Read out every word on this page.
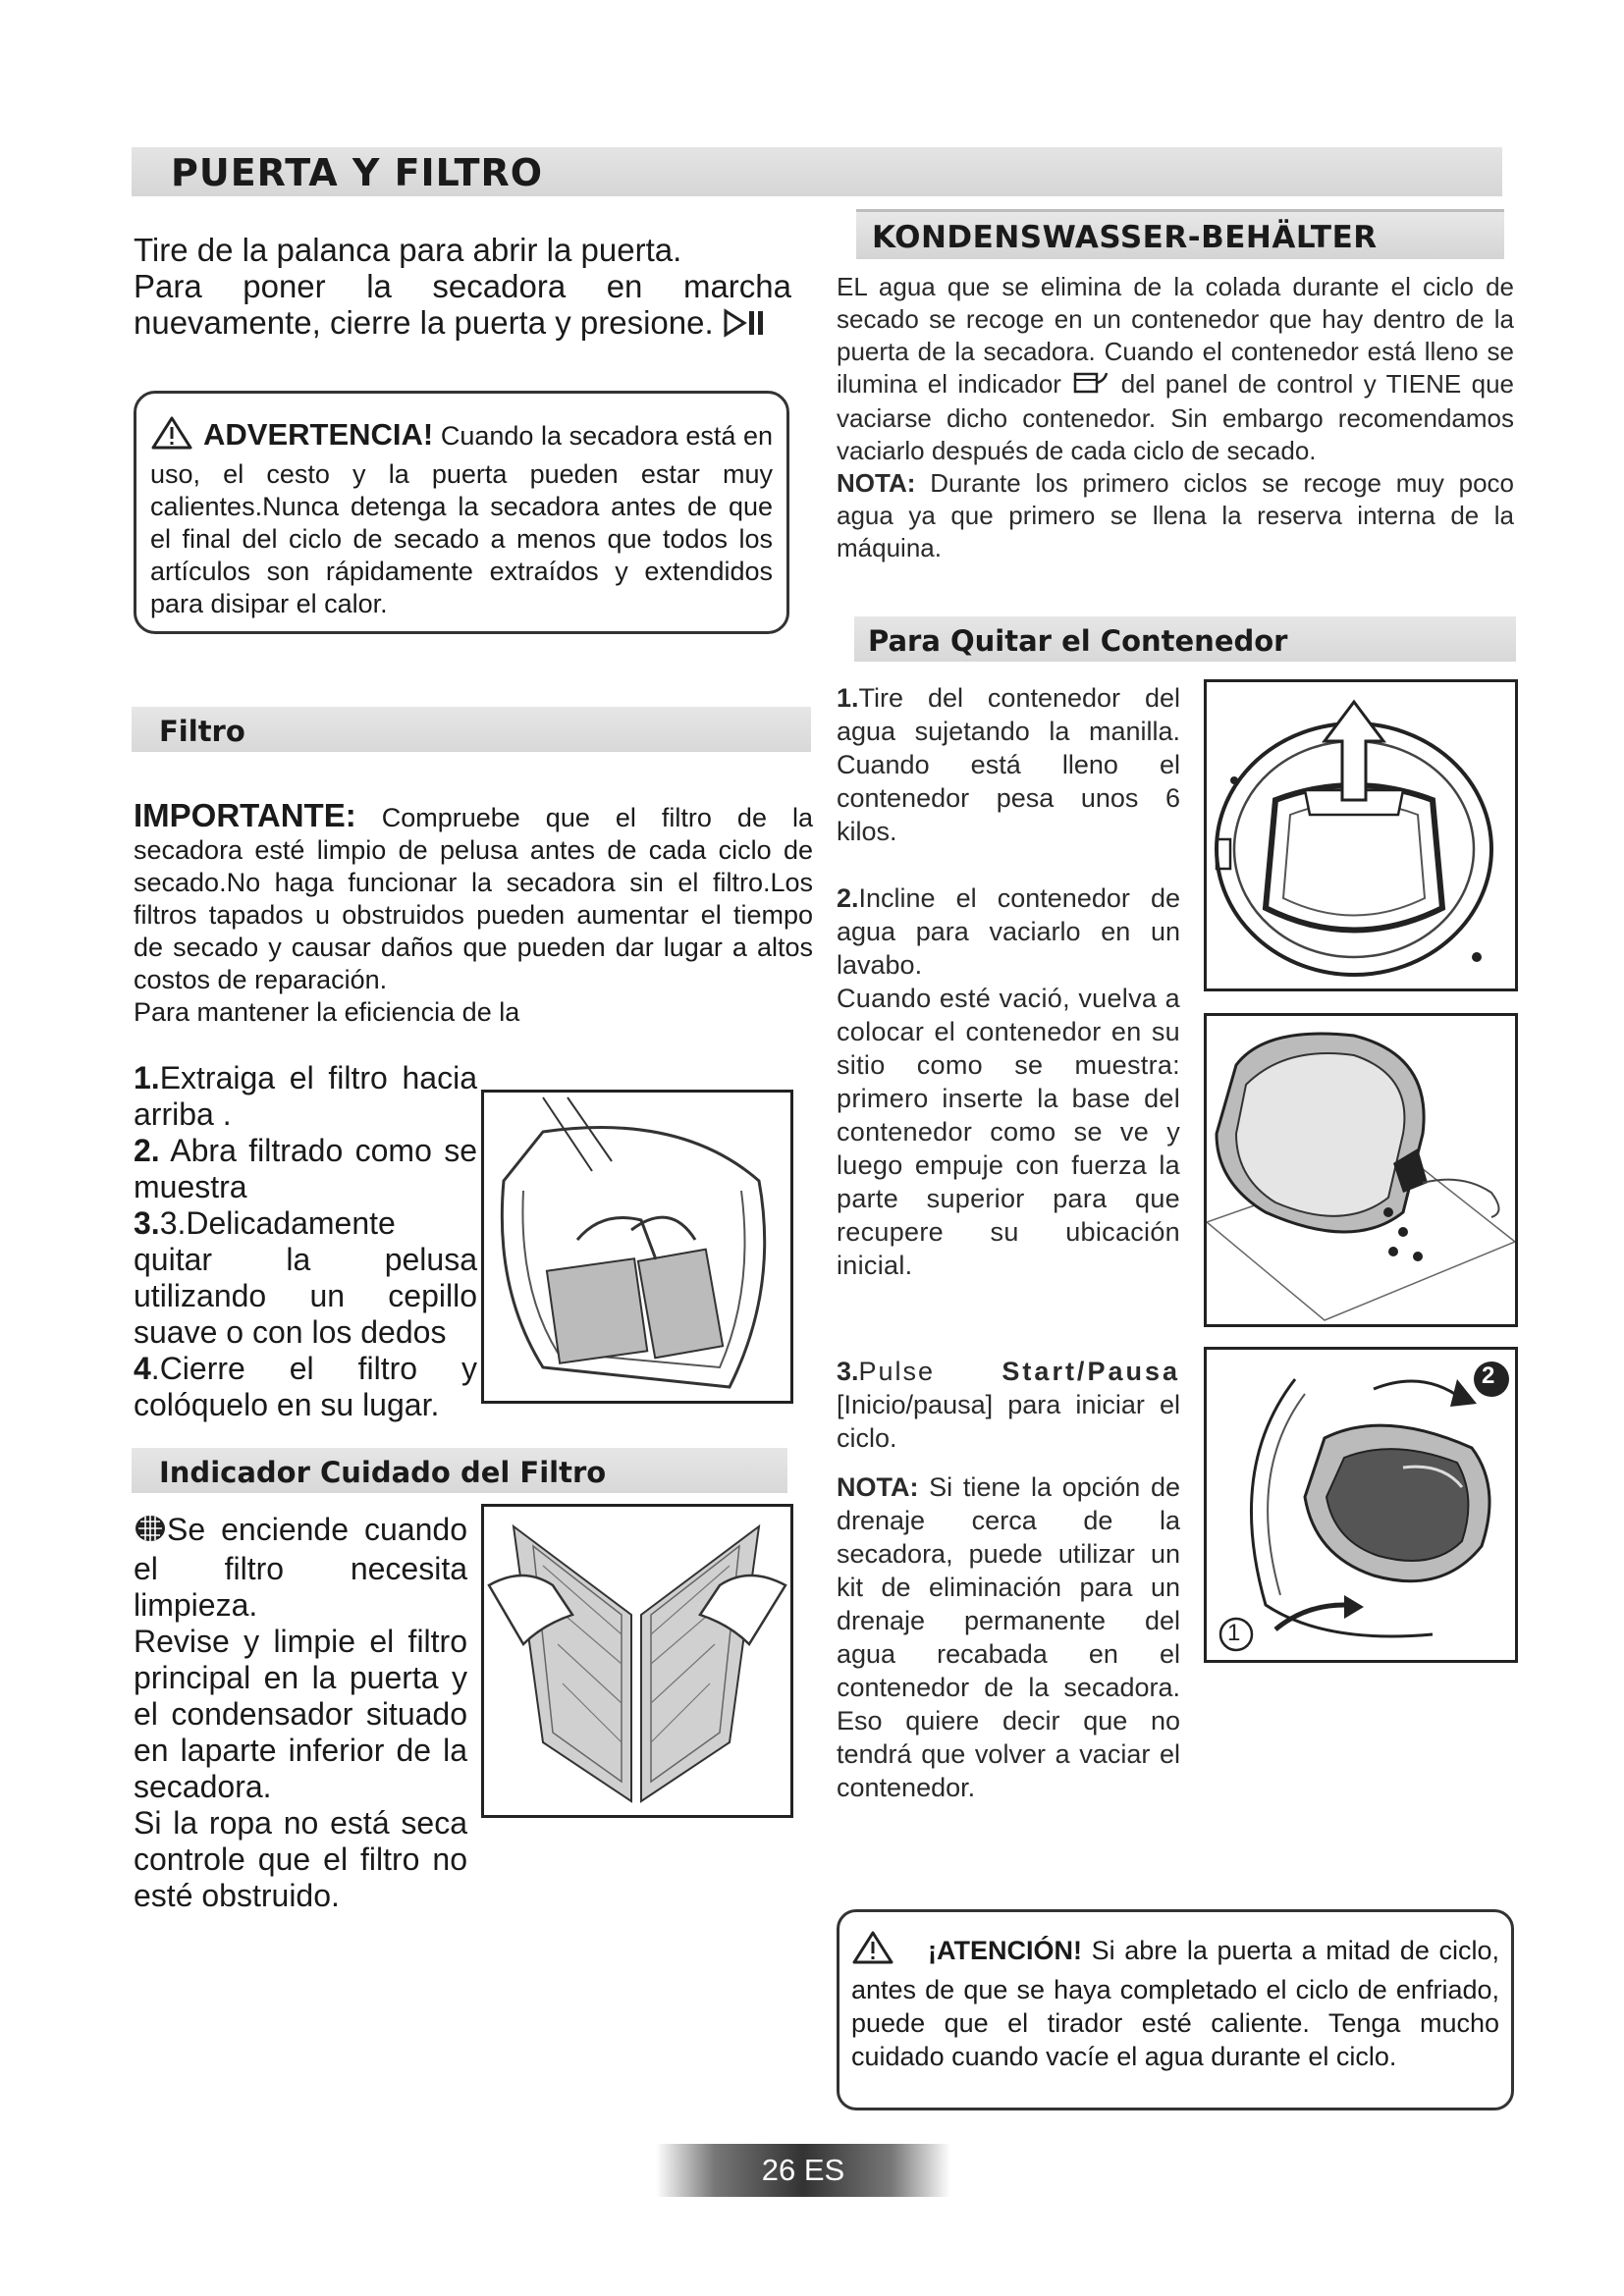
PUERTA Y FILTRO

Tire de la palanca para abrir la puerta.

Para poner la secadora en marcha nuevamente, cierre la puerta y presione.

ADVERTENCIA! Cuando la secadora está en uso, el cesto y la puerta pueden estar muy calientes.Nunca detenga la secadora antes de que el final del ciclo de secado a menos que todos los artículos son rápidamente extraídos y extendidos para disipar el calor.
Filtro
IMPORTANTE: Compruebe que el filtro de la secadora esté limpio de pelusa antes de cada ciclo de secado.No haga funcionar la secadora sin el filtro.Los filtros tapados u obstruidos pueden aumentar el tiempo de secado y causar daños que pueden dar lugar a altos costos de reparación.
Para mantener la eficiencia de la

1.Extraiga el filtro hacia arriba .

2. Abra filtrado como se muestra

3.3.Delicadamente quitar la pelusa utilizando un cepillo suave o con los dedos

4.Cierre el filtro y colóquelo en su lugar.

Indicador Cuidado del Filtro

Se enciende cuando el filtro necesita limpieza.

Revise y limpie el filtro principal en la puerta y el condensador situado en laparte inferior de la secadora.

Si la ropa no está seca controle que el filtro no esté obstruido.

KONDENSWASSER-BEHÄLTER

EL agua que se elimina de la colada durante el ciclo de secado se recoge en un contenedor que hay dentro de la puerta de la secadora. Cuando el contenedor está lleno se ilumina el indicador del panel de control y TIENE que vaciarse dicho contenedor. Sin embargo recomendamos vaciarlo después de cada ciclo de secado.

NOTA: Durante los primero ciclos se recoge muy poco agua ya que primero se llena la reserva interna de la máquina.

Para Quitar el Contenedor

1.Tire del contenedor del agua sujetando la manilla. Cuando está lleno el contenedor pesa unos 6 kilos.

2.Incline el contenedor de agua para vaciarlo en un lavabo.

Cuando esté vació, vuelva a colocar el contenedor en su sitio como se muestra: primero inserte la base del contenedor como se ve y luego empuje con fuerza la parte superior para que recupere su ubicación inicial.

3.Pulse	Start/Pausa [Inicio/pausa] para iniciar el ciclo.

NOTA: Si tiene la opción de drenaje cerca de la secadora, puede utilizar un kit de eliminación para un drenaje permanente del agua recabada en el contenedor de la secadora. Eso quiere decir que no tendrá que volver a vaciar el contenedor.

2
1
¡ATENCIÓN! Si abre la puerta a mitad de ciclo, antes de que se haya completado el ciclo de enfriado, puede que el tirador esté caliente. Tenga mucho cuidado cuando vacíe el agua durante el ciclo.
26 ES
